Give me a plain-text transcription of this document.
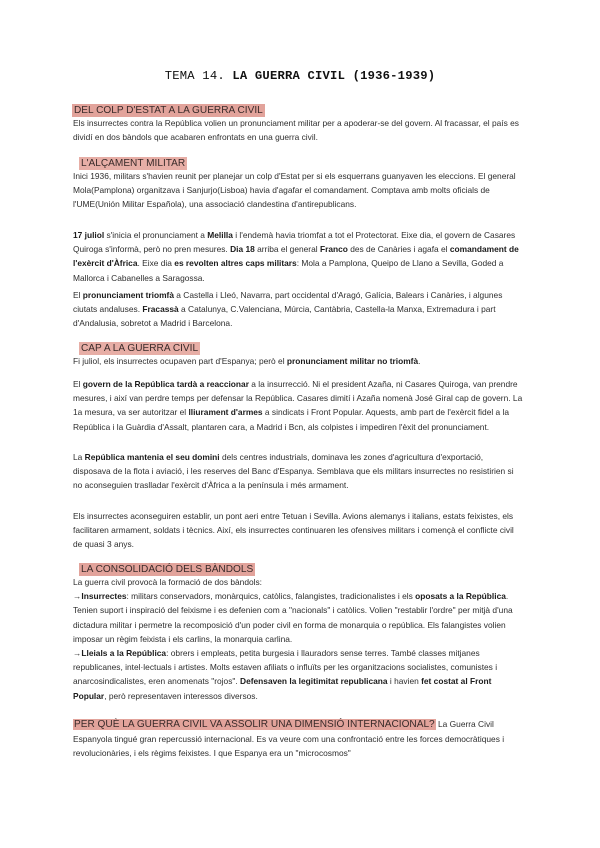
TEMA 14. LA GUERRA CIVIL (1936-1939)
DEL COLP D'ESTAT A LA GUERRA CIVIL

Els insurrectes contra la República volien un pronunciament militar per a apoderar-se del govern. Al fracassar, el país es dividí en dos bàndols que acabaren enfrontats en una guerra civil.

L'ALÇAMENT MILITAR

Inici 1936, militars s'havien reunit per planejar un colp d'Estat per si els esquerrans guanyaven les eleccions. El general Mola(Pamplona) organitzava i Sanjurjo(Lisboa) havia d'agafar el comandament. Comptava amb molts oficials de l'UME(Unión Militar Española), una associació clandestina d'antirepublicans.

17 juliol s'inicia el pronunciament a Melilla i l'endemà havia triomfat a tot el Protectorat. Eixe dia, el govern de Casares Quiroga s'informà, però no pren mesures. Dia 18 arriba el general Franco des de Canàries i agafa el comandament de l'exèrcit d'Àfrica. Eixe dia es revolten altres caps militars: Mola a Pamplona, Queipo de Llano a Sevilla, Goded a Mallorca i Cabanelles a Saragossa.

El pronunciament triomfà a Castella i Lleó, Navarra, part occidental d'Aragó, Galícia, Balears i Canàries, i algunes ciutats andaluses. Fracassà a Catalunya, C.Valenciana, Múrcia, Cantàbria, Castella-la Manxa, Extremadura i part d'Andalusia, sobretot a Madrid i Barcelona.

CAP A LA GUERRA CIVIL

Fi juliol, els insurrectes ocupaven part d'Espanya; però el pronunciament militar no triomfà.

El govern de la República tardà a reaccionar a la insurrecció. Ni el president Azaña, ni Casares Quiroga, van prendre mesures, i així van perdre temps per defensar la República. Casares dimití i Azaña nomenà José Giral cap de govern. La 1a mesura, va ser autoritzar el lliurament d'armes a sindicats i Front Popular. Aquests, amb part de l'exèrcit fidel a la República i la Guàrdia d'Assalt, plantaren cara, a Madrid i Bcn, als colpistes i impediren l'èxit del pronunciament.

La República mantenia el seu domini dels centres industrials, dominava les zones d'agricultura d'exportació, disposava de la flota i aviació, i les reserves del Banc d'Espanya. Semblava que els militars insurrectes no resistirien si no aconseguien traslladar l'exèrcit d'Àfrica a la península i més armament.

Els insurrectes aconseguiren establir, un pont aeri entre Tetuan i Sevilla. Avions alemanys i italians, estats feixistes, els facilitaren armament, soldats i tècnics. Així, els insurrectes continuaren les ofensives militars i començà el conflicte civil de quasi 3 anys.

LA CONSOLIDACIÓ DELS BÀNDOLS

La guerra civil provocà la formació de dos bàndols:

→Insurrectes: militars conservadors, monàrquics, catòlics, falangistes, tradicionalistes i els oposats a la República. Tenien suport i inspiració del feixisme i es defenien com a "nacionals" i catòlics. Volien "restablir l'ordre" per mitjà d'una dictadura militar i permetre la recomposició d'un poder civil en forma de monarquia o república. Els falangistes volien imposar un règim feixista i els carlins, la monarquia carlina.

→Lleials a la República: obrers i empleats, petita burgesia i llauradors sense terres. També classes mitjanes republicanes, intel·lectuals i artistes. Molts estaven afiliats o influïts per les organitzacions socialistes, comunistes i anarcosindicalistes, eren anomenats "rojos". Defensaven la legitimitat republicana i havien fet costat al Front Popular, però representaven interessos diversos.

PER QUÈ LA GUERRA CIVIL VA ASSOLIR UNA DIMENSIÓ INTERNACIONAL? La Guerra Civil Espanyola tingué gran repercussió internacional. Es va veure com una confrontació entre les forces democràtiques i revolucionàries, i els règims feixistes. I que Espanya era un "microcosmos"
